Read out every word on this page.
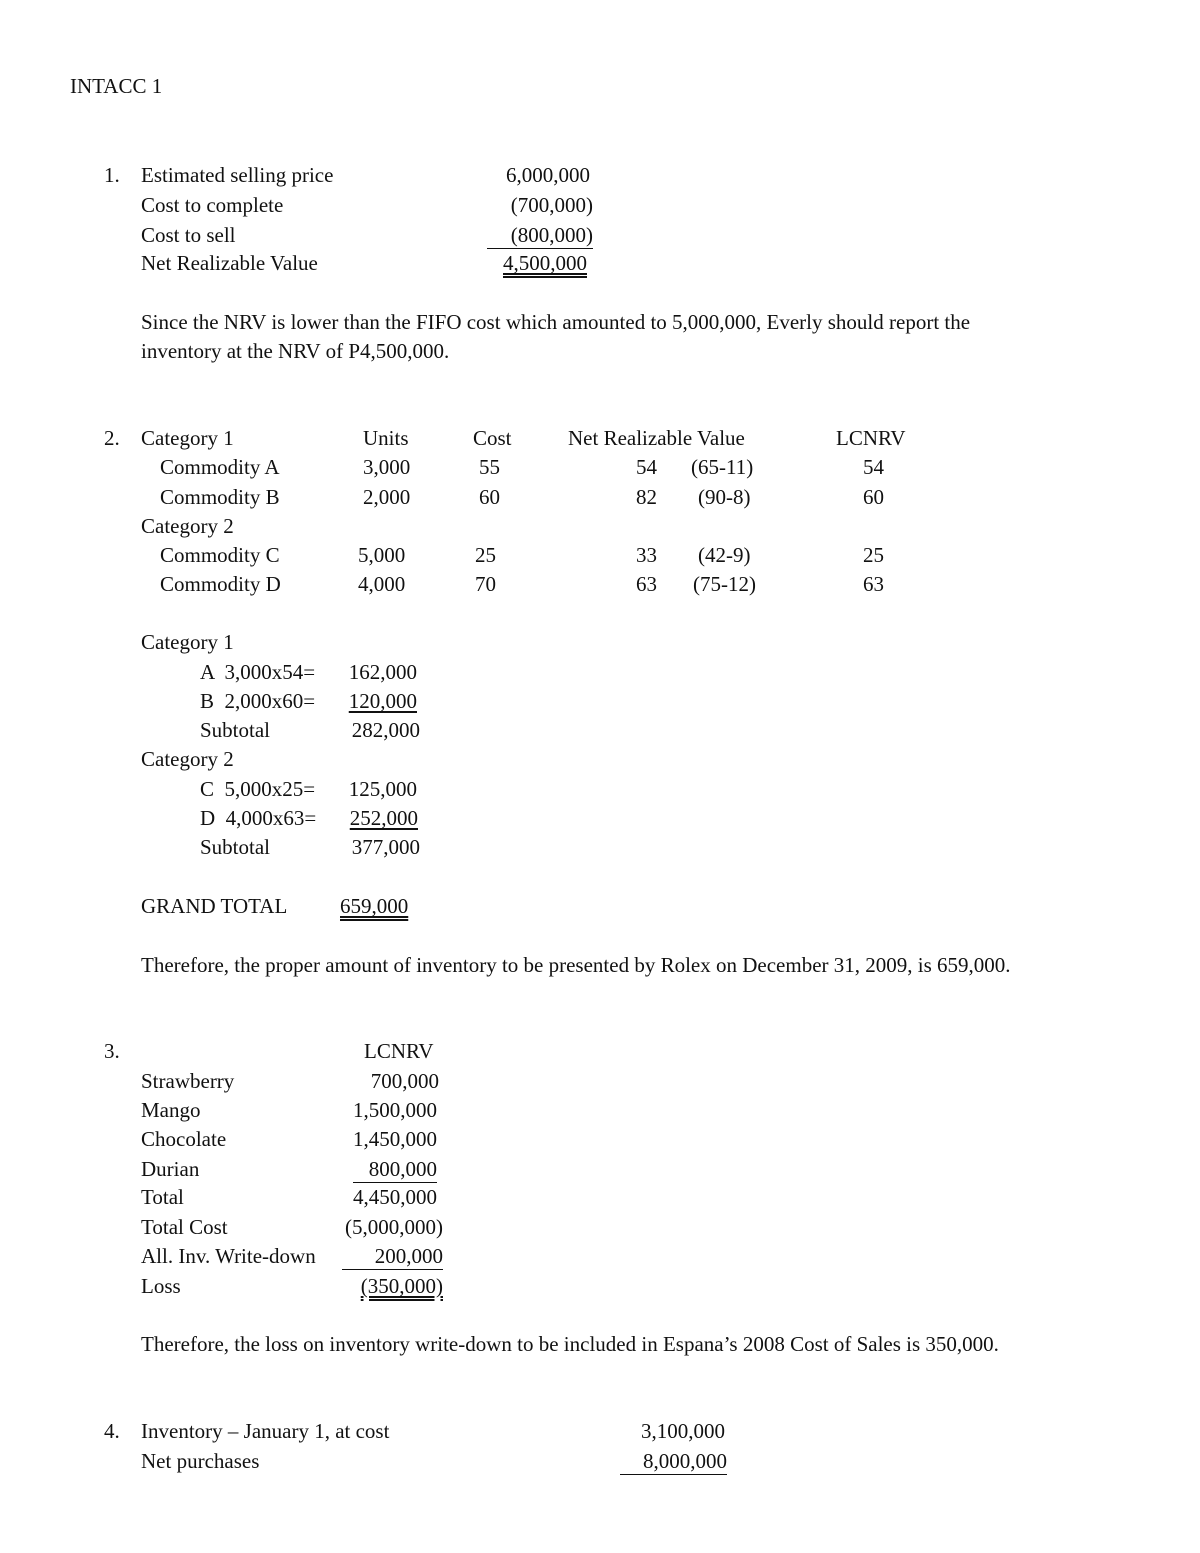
INTACC 1
1. Estimated selling price	6,000,000
Cost to complete	(700,000)
Cost to sell	(800,000)
Net Realizable Value	4,500,000
Since the NRV is lower than the FIFO cost which amounted to 5,000,000, Everly should report the
inventory at the NRV of P4,500,000.
2. Category 1	Units	Cost	Net Realizable Value	LCNRV
Commodity A	3,000	55	54 (65-11)	54
Commodity B	2,000	60	82 (90-8)	60
Category 2
Commodity C	5,000	25	33 (42-9)	25
Commodity D	4,000	70	63 (75-12)	63
Category 1
A  3,000x54=	162,000
B  2,000x60=	120,000
Subtotal	282,000
Category 2
C  5,000x25=	125,000
D  4,000x63=	252,000
Subtotal	377,000
GRAND TOTAL	659,000
Therefore, the proper amount of inventory to be presented by Rolex on December 31, 2009, is 659,000.
3.	LCNRV
Strawberry	700,000
Mango	1,500,000
Chocolate	1,450,000
Durian	800,000
Total	4,450,000
Total Cost	(5,000,000)
All. Inv. Write-down	200,000
Loss	(350,000)
Therefore, the loss on inventory write-down to be included in Espana’s 2008 Cost of Sales is 350,000.
4. Inventory – January 1, at cost	3,100,000
Net purchases	8,000,000
